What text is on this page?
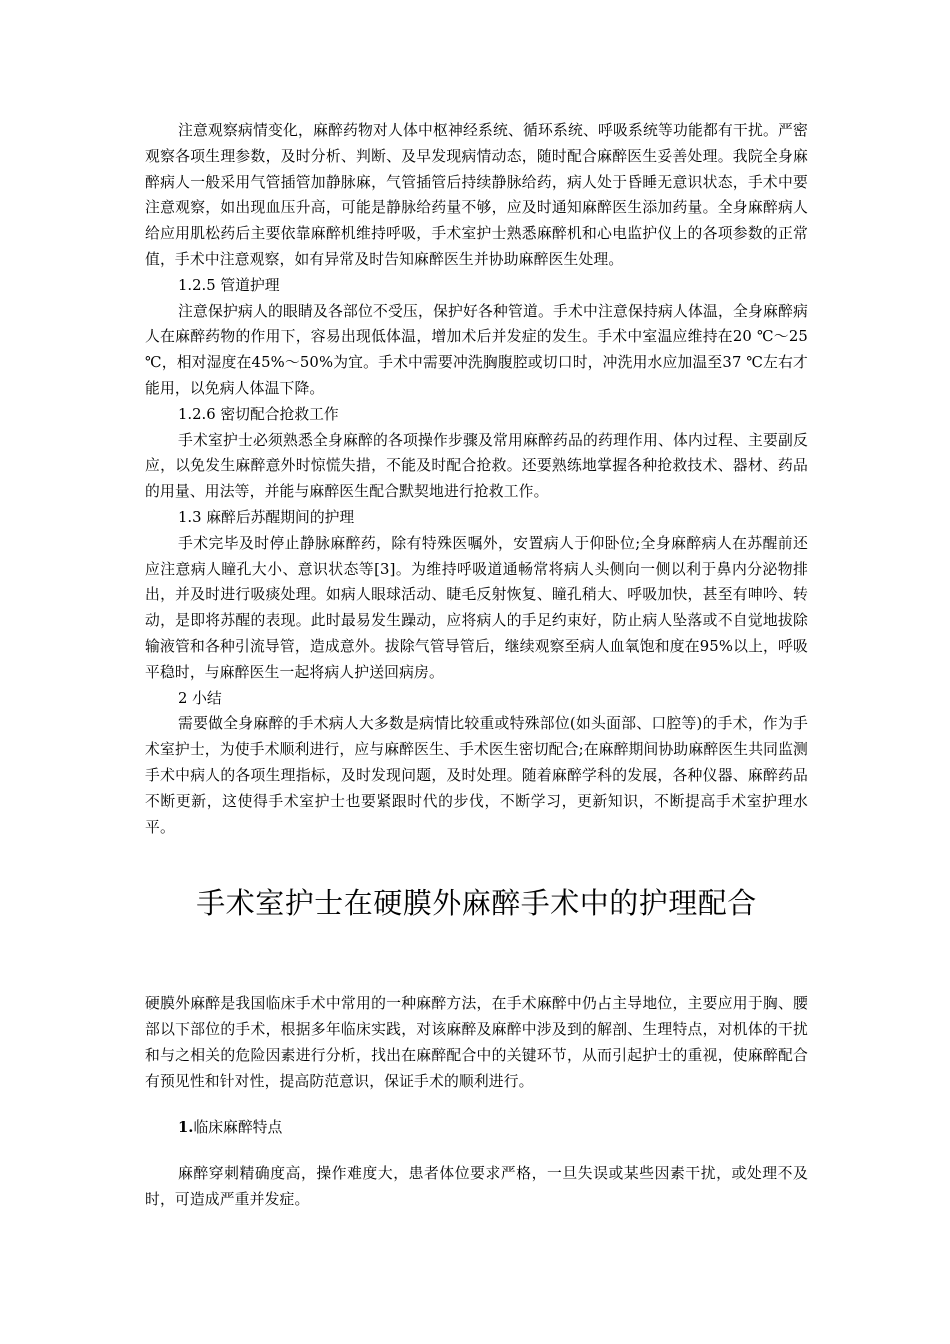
注意观察病情变化，麻醉药物对人体中枢神经系统、循环系统、呼吸系统等功能都有干扰。严密观察各项生理参数，及时分析、判断、及早发现病情动态，随时配合麻醉医生妥善处理。我院全身麻醉病人一般采用气管插管加静脉麻，气管插管后持续静脉给药，病人处于昏睡无意识状态，手术中要注意观察，如出现血压升高，可能是静脉给药量不够，应及时通知麻醉医生添加药量。全身麻醉病人给应用肌松药后主要依靠麻醉机维持呼吸，手术室护士熟悉麻醉机和心电监护仪上的各项参数的正常值，手术中注意观察，如有异常及时告知麻醉医生并协助麻醉医生处理。

1.2.5 管道护理

注意保护病人的眼睛及各部位不受压，保护好各种管道。手术中注意保持病人体温，全身麻醉病人在麻醉药物的作用下，容易出现低体温，增加术后并发症的发生。手术中室温应维持在20 ℃～25 ℃，相对湿度在45%～50%为宜。手术中需要冲洗胸腹腔或切口时，冲洗用水应加温至37 ℃左右才能用，以免病人体温下降。

1.2.6 密切配合抢救工作

手术室护士必须熟悉全身麻醉的各项操作步骤及常用麻醉药品的药理作用、体内过程、主要副反应，以免发生麻醉意外时惊慌失措，不能及时配合抢救。还要熟练地掌握各种抢救技术、器材、药品的用量、用法等，并能与麻醉医生配合默契地进行抢救工作。

1.3 麻醉后苏醒期间的护理

手术完毕及时停止静脉麻醉药，除有特殊医嘱外，安置病人于仰卧位;全身麻醉病人在苏醒前还应注意病人瞳孔大小、意识状态等[3]。为维持呼吸道通畅常将病人头侧向一侧以利于鼻内分泌物排出，并及时进行吸痰处理。如病人眼球活动、睫毛反射恢复、瞳孔稍大、呼吸加快，甚至有呻吟、转动，是即将苏醒的表现。此时最易发生躁动，应将病人的手足约束好，防止病人坠落或不自觉地拔除输液管和各种引流导管，造成意外。拔除气管导管后，继续观察至病人血氧饱和度在95%以上，呼吸平稳时，与麻醉医生一起将病人护送回病房。

2 小结

需要做全身麻醉的手术病人大多数是病情比较重或特殊部位(如头面部、口腔等)的手术，作为手术室护士，为使手术顺利进行，应与麻醉医生、手术医生密切配合;在麻醉期间协助麻醉医生共同监测手术中病人的各项生理指标，及时发现问题，及时处理。随着麻醉学科的发展，各种仪器、麻醉药品不断更新，这使得手术室护士也要紧跟时代的步伐，不断学习，更新知识，不断提高手术室护理水平。

手术室护士在硬膜外麻醉手术中的护理配合

硬膜外麻醉是我国临床手术中常用的一种麻醉方法，在手术麻醉中仍占主导地位，主要应用于胸、腰部以下部位的手术，根据多年临床实践，对该麻醉及麻醉中涉及到的解剖、生理特点，对机体的干扰和与之相关的危险因素进行分析，找出在麻醉配合中的关键环节，从而引起护士的重视，使麻醉配合有预见性和针对性，提高防范意识，保证手术的顺利进行。

1.临床麻醉特点

麻醉穿刺精确度高，操作难度大，患者体位要求严格，一旦失误或某些因素干扰，或处理不及时，可造成严重并发症。
